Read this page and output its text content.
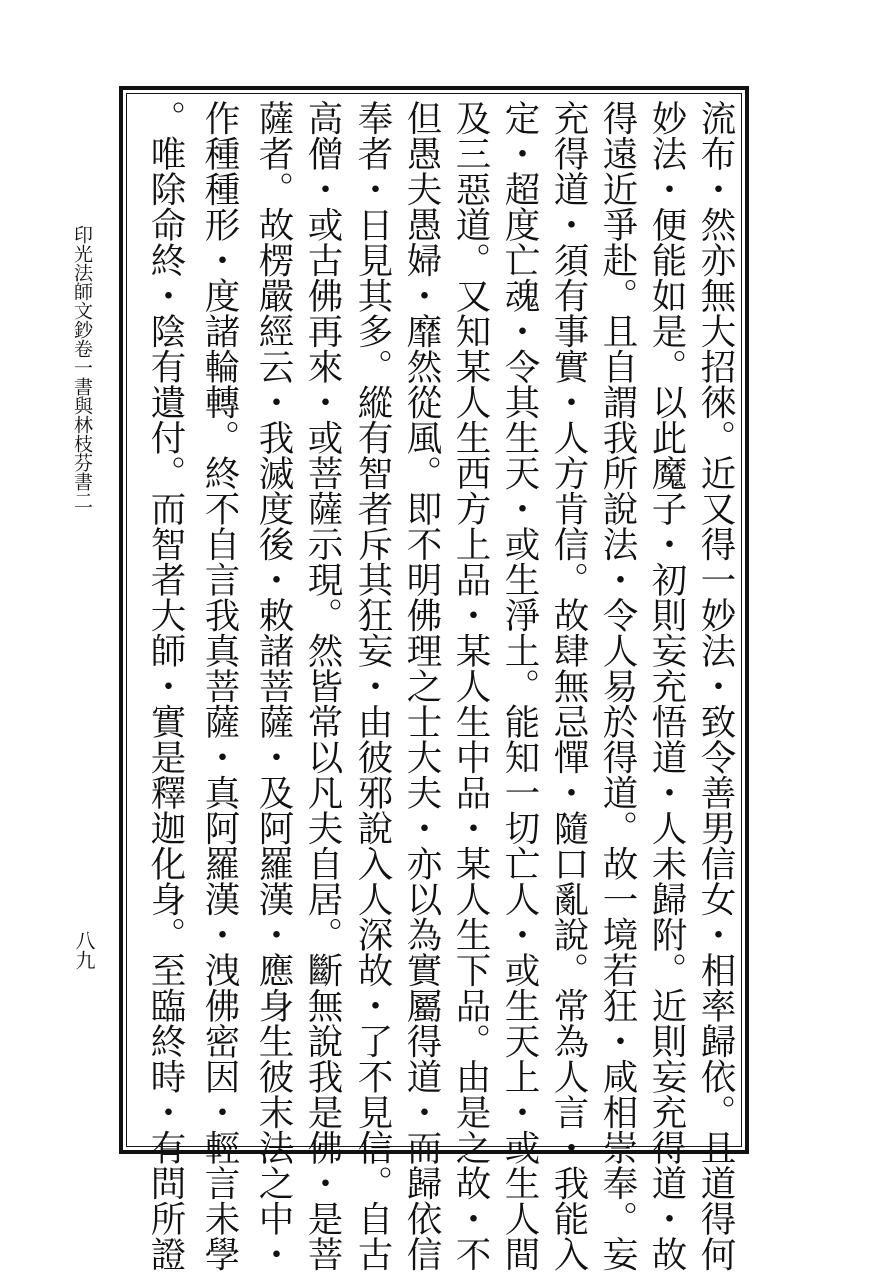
印光法師文鈔卷一書與林枝芬書二
八九	流布・然亦無大招徠。近又得一妙法・致令善男信女・相率歸依。且道得何
妙法・便能如是。以此魔子・初則妄充悟道・人未歸附。近則妄充得道・故
得遠近爭赴。且自謂我所說法・令人易於得道。故一境若狂・咸相崇奉。妄
充得道・須有事實・人方肯信。故肆無忌憚・隨口亂說。常為人言・我能入
定・超度亡魂・令其生天・或生淨土。能知一切亡人・或生天上・或生人間
及三惡道。又知某人生西方上品・某人生中品・某人生下品。由是之故・不
但愚夫愚婦・靡然從風。即不明佛理之士大夫・亦以為實屬得道・而歸依信
奉者・日見其多。縱有智者斥其狂妄・由彼邪說入人深故・了不見信。自古
高僧・或古佛再來・或菩薩示現。然皆常以凡夫自居。斷無說我是佛・是菩
薩者。故楞嚴經云・我滅度後・敕諸菩薩・及阿羅漢・應身生彼末法之中・
作種種形・度諸輪轉。終不自言我真菩薩・真阿羅漢・洩佛密因・輕言未學
。唯除命終・陰有遺付。而智者大師・實是釋迦化身。至臨終時・有問所證
